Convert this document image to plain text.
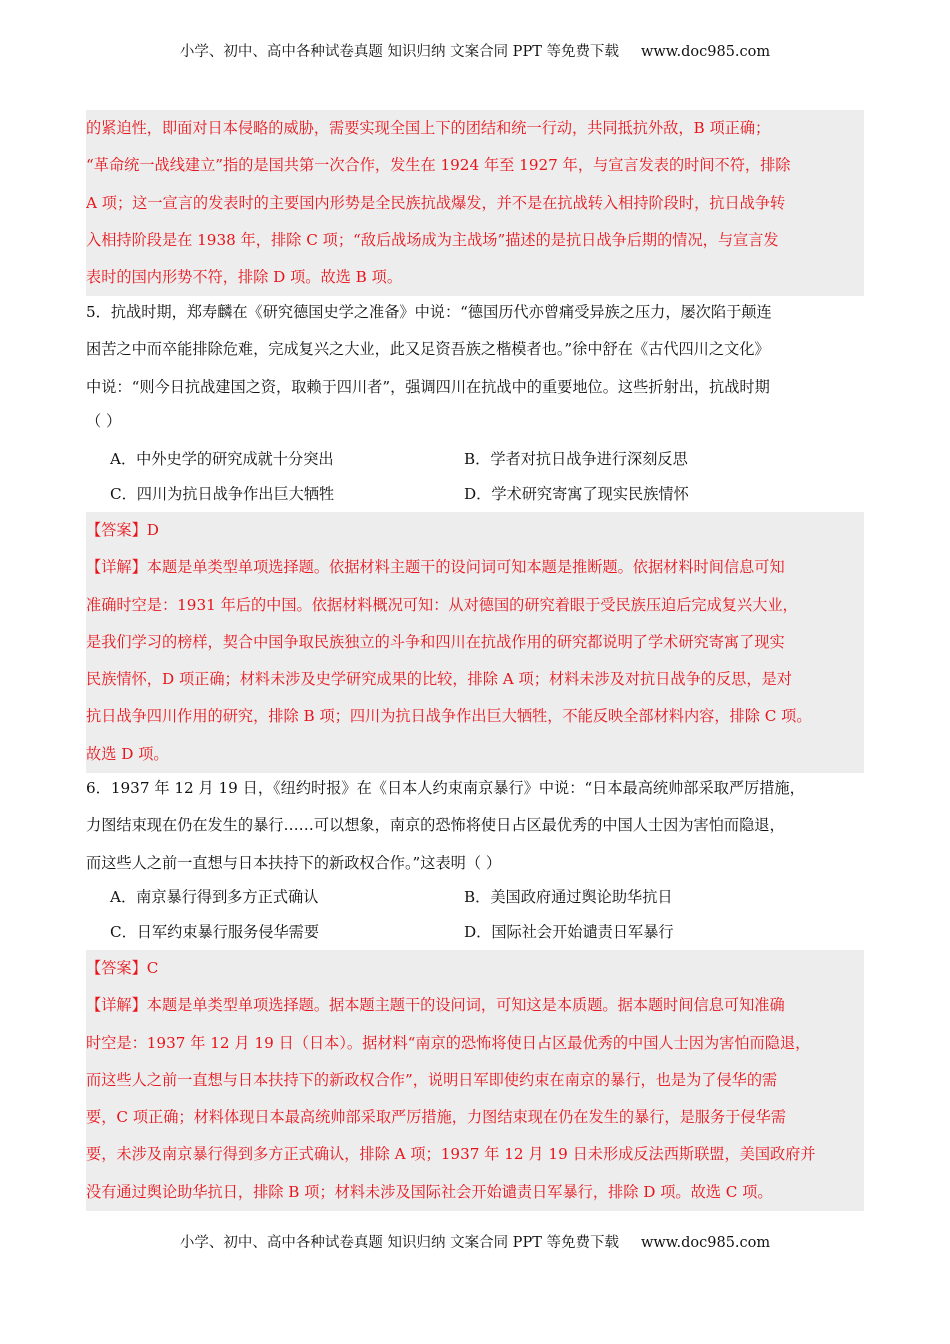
小学、初中、高中各种试卷真题 知识归纳 文案合同 PPT 等免费下载 www.doc985.com
的紧迫性，即面对日本侵略的威胁，需要实现全国上下的团结和统一行动，共同抵抗外敌，B 项正确；
“革命统一战线建立”指的是国共第一次合作，发生在 1924 年至 1927 年，与宣言发表的时间不符，排除
A 项；这一宣言的发表时的主要国内形势是全民族抗战爆发，并不是在抗战转入相持阶段时，抗日战争转
入相持阶段是在 1938 年，排除 C 项；“敌后战场成为主战场”描述的是抗日战争后期的情况，与宣言发
表时的国内形势不符，排除 D 项。故选 B 项。
5．抗战时期，郑寿麟在《研究德国史学之准备》中说：“德国历代亦曾痛受异族之压力，屡次陷于颠连
困苦之中而卒能排除危难，完成复兴之大业，此又足资吾族之楷模者也。”徐中舒在《古代四川之文化》
中说：“则今日抗战建国之资，取赖于四川者”，强调四川在抗战中的重要地位。这些折射出，抗战时期
（ ）
A．中外史学的研究成就十分突出	B．学者对抗日战争进行深刻反思
C．四川为抗日战争作出巨大牺牲	D．学术研究寄寓了现实民族情怀
【答案】D
【详解】本题是单类型单项选择题。依据材料主题干的设问词可知本题是推断题。依据材料时间信息可知
准确时空是：1931 年后的中国。依据材料概况可知：从对德国的研究着眼于受民族压迫后完成复兴大业，
是我们学习的榜样，契合中国争取民族独立的斗争和四川在抗战作用的研究都说明了学术研究寄寓了现实
民族情怀，D 项正确；材料未涉及史学研究成果的比较，排除 A 项；材料未涉及对抗日战争的反思，是对
抗日战争四川作用的研究，排除 B 项；四川为抗日战争作出巨大牺牲，不能反映全部材料内容，排除 C 项。
故选 D 项。
6．1937 年 12 月 19 日，《纽约时报》在《日本人约束南京暴行》中说：“日本最高统帅部采取严厉措施，
力图结束现在仍在发生的暴行……可以想象，南京的恐怖将使日占区最优秀的中国人士因为害怕而隐退，
而这些人之前一直想与日本扶持下的新政权合作。”这表明（ ）
A．南京暴行得到多方正式确认	B．美国政府通过舆论助华抗日
C．日军约束暴行服务侵华需要	D．国际社会开始谴责日军暴行
【答案】C
【详解】本题是单类型单项选择题。据本题主题干的设问词，可知这是本质题。据本题时间信息可知准确
时空是：1937 年 12 月 19 日（日本）。据材料“南京的恐怖将使日占区最优秀的中国人士因为害怕而隐退，
而这些人之前一直想与日本扶持下的新政权合作”，说明日军即使约束在南京的暴行，也是为了侵华的需
要，C 项正确；材料体现日本最高统帅部采取严厉措施，力图结束现在仍在发生的暴行，是服务于侵华需
要，未涉及南京暴行得到多方正式确认，排除 A 项；1937 年 12 月 19 日未形成反法西斯联盟，美国政府并
没有通过舆论助华抗日，排除 B 项；材料未涉及国际社会开始谴责日军暴行，排除 D 项。故选 C 项。
小学、初中、高中各种试卷真题 知识归纳 文案合同 PPT 等免费下载 www.doc985.com
